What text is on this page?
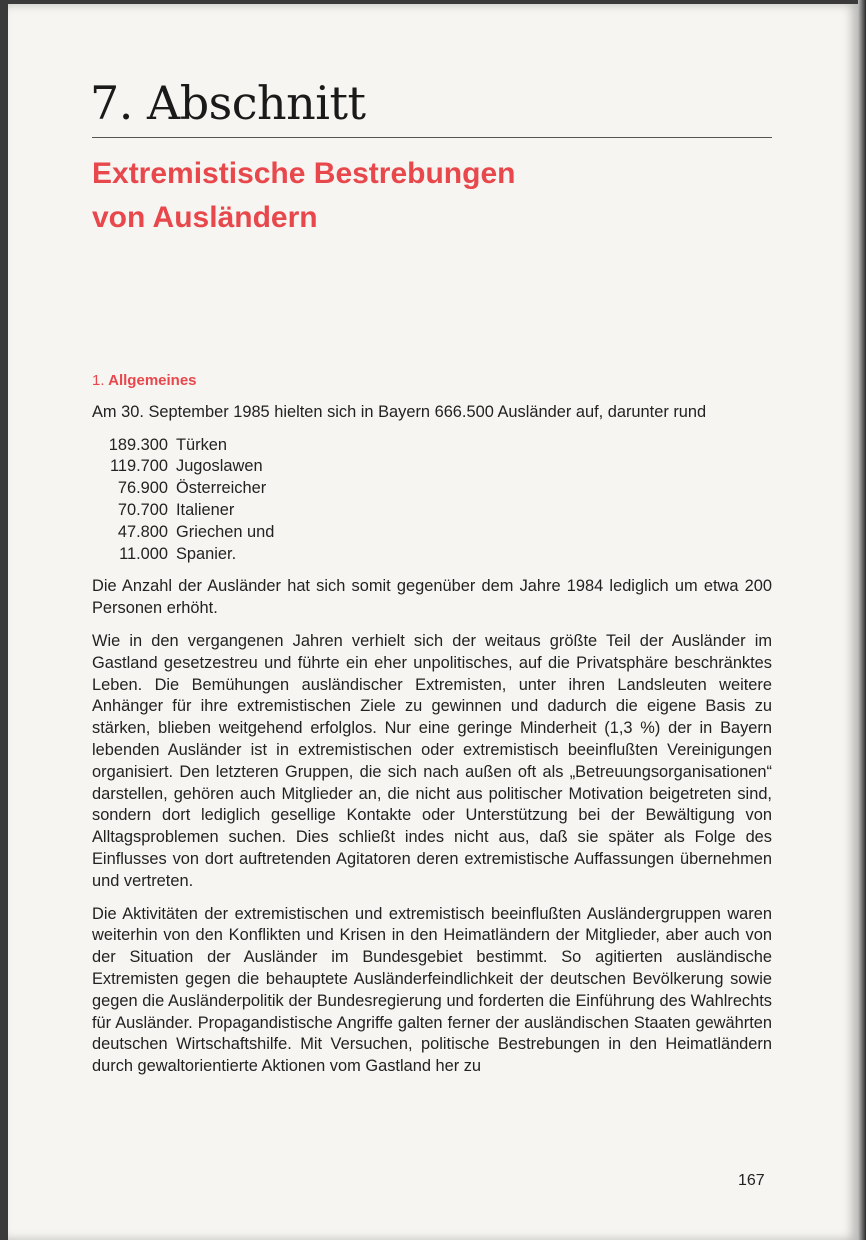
7. Abschnitt
Extremistische Bestrebungen
von Ausländern
1. Allgemeines

Am 30. September 1985 hielten sich in Bayern 666.500 Ausländer auf, darunter rund

189.300 Türken
119.700 Jugoslawen
76.900 Österreicher
70.700 Italiener
47.800 Griechen und
11.000 Spanier.

Die Anzahl der Ausländer hat sich somit gegenüber dem Jahre 1984 lediglich um etwa 200 Personen erhöht.

Wie in den vergangenen Jahren verhielt sich der weitaus größte Teil der Ausländer im Gastland gesetzestreu und führte ein eher unpolitisches, auf die Privatsphäre beschränktes Leben. Die Bemühungen ausländischer Extremisten, unter ihren Landsleuten weitere Anhänger für ihre extremistischen Ziele zu gewinnen und dadurch die eigene Basis zu stärken, blieben weitgehend erfolglos. Nur eine geringe Minderheit (1,3 %) der in Bayern lebenden Ausländer ist in extremistischen oder extremistisch beeinflußten Vereinigungen organisiert. Den letzteren Gruppen, die sich nach außen oft als „Betreuungsorganisationen“ darstellen, gehören auch Mitglieder an, die nicht aus politischer Motivation beigetreten sind, sondern dort lediglich gesellige Kontakte oder Unterstützung bei der Bewältigung von Alltagsproblemen suchen. Dies schließt indes nicht aus, daß sie später als Folge des Einflusses von dort auftretenden Agitatoren deren extremistische Auffassungen übernehmen und vertreten.

Die Aktivitäten der extremistischen und extremistisch beeinflußten Ausländergruppen waren weiterhin von den Konflikten und Krisen in den Heimatländern der Mitglieder, aber auch von der Situation der Ausländer im Bundesgebiet bestimmt. So agitierten ausländische Extremisten gegen die behauptete Ausländerfeindlichkeit der deutschen Bevölkerung sowie gegen die Ausländerpolitik der Bundesregierung und forderten die Einführung des Wahlrechts für Ausländer. Propagandistische Angriffe galten ferner der ausländischen Staaten gewährten deutschen Wirtschaftshilfe. Mit Versuchen, politische Bestrebungen in den Heimatländern durch gewaltorientierte Aktionen vom Gastland her zu

167
